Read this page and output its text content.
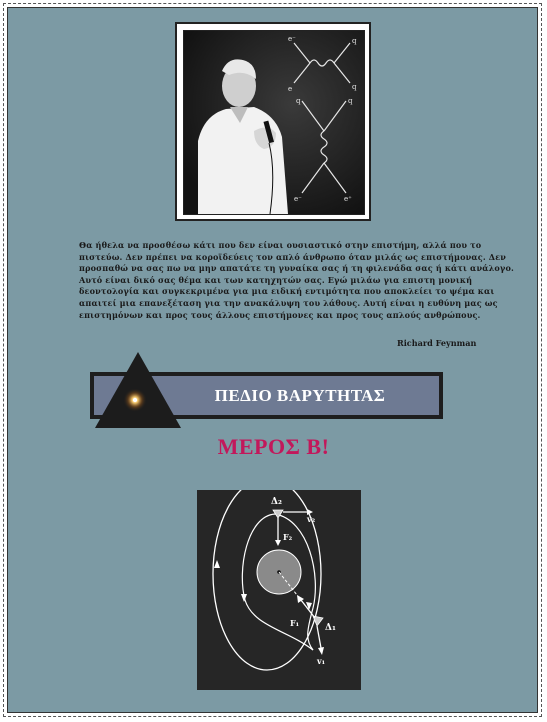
e⁻	q
e	q
q	q
e⁻	e⁺

Θα ήθελα να προσθέσω κάτι που δεν είναι ουσιαστικό στην επιστήμη, αλλά που το πιστεύω. Δεν πρέπει να κοροϊδεύεις τον απλό άνθρωπο όταν μιλάς ως επιστήμονας. Δεν προσπαθώ να σας πω να μην απατάτε τη γυναίκα σας ή τη φιλενάδα σας ή κάτι ανάλογο. Αυτό είναι δικό σας θέμα και των κατηχητών σας. Εγώ μιλάω για επιστη μονική δεοντολογία και συγκεκριμένα για μια ειδική εντιμότητα που αποκλείει το ψέμα και απαιτεί μια επανεξέταση για την ανακάλυψη του λάθους. Αυτή είναι η ευθύνη μας ως επιστημόνων και προς τους άλλους επιστήμονες και προς τους απλούς ανθρώπους.

Richard Feynman
ΠΕΔΙΟ ΒΑΡΥΤΗΤΑΣ
ΜΕΡΟΣ Β!
Δ₂
v₂
F₂
F₁	Δ₁
v₁
